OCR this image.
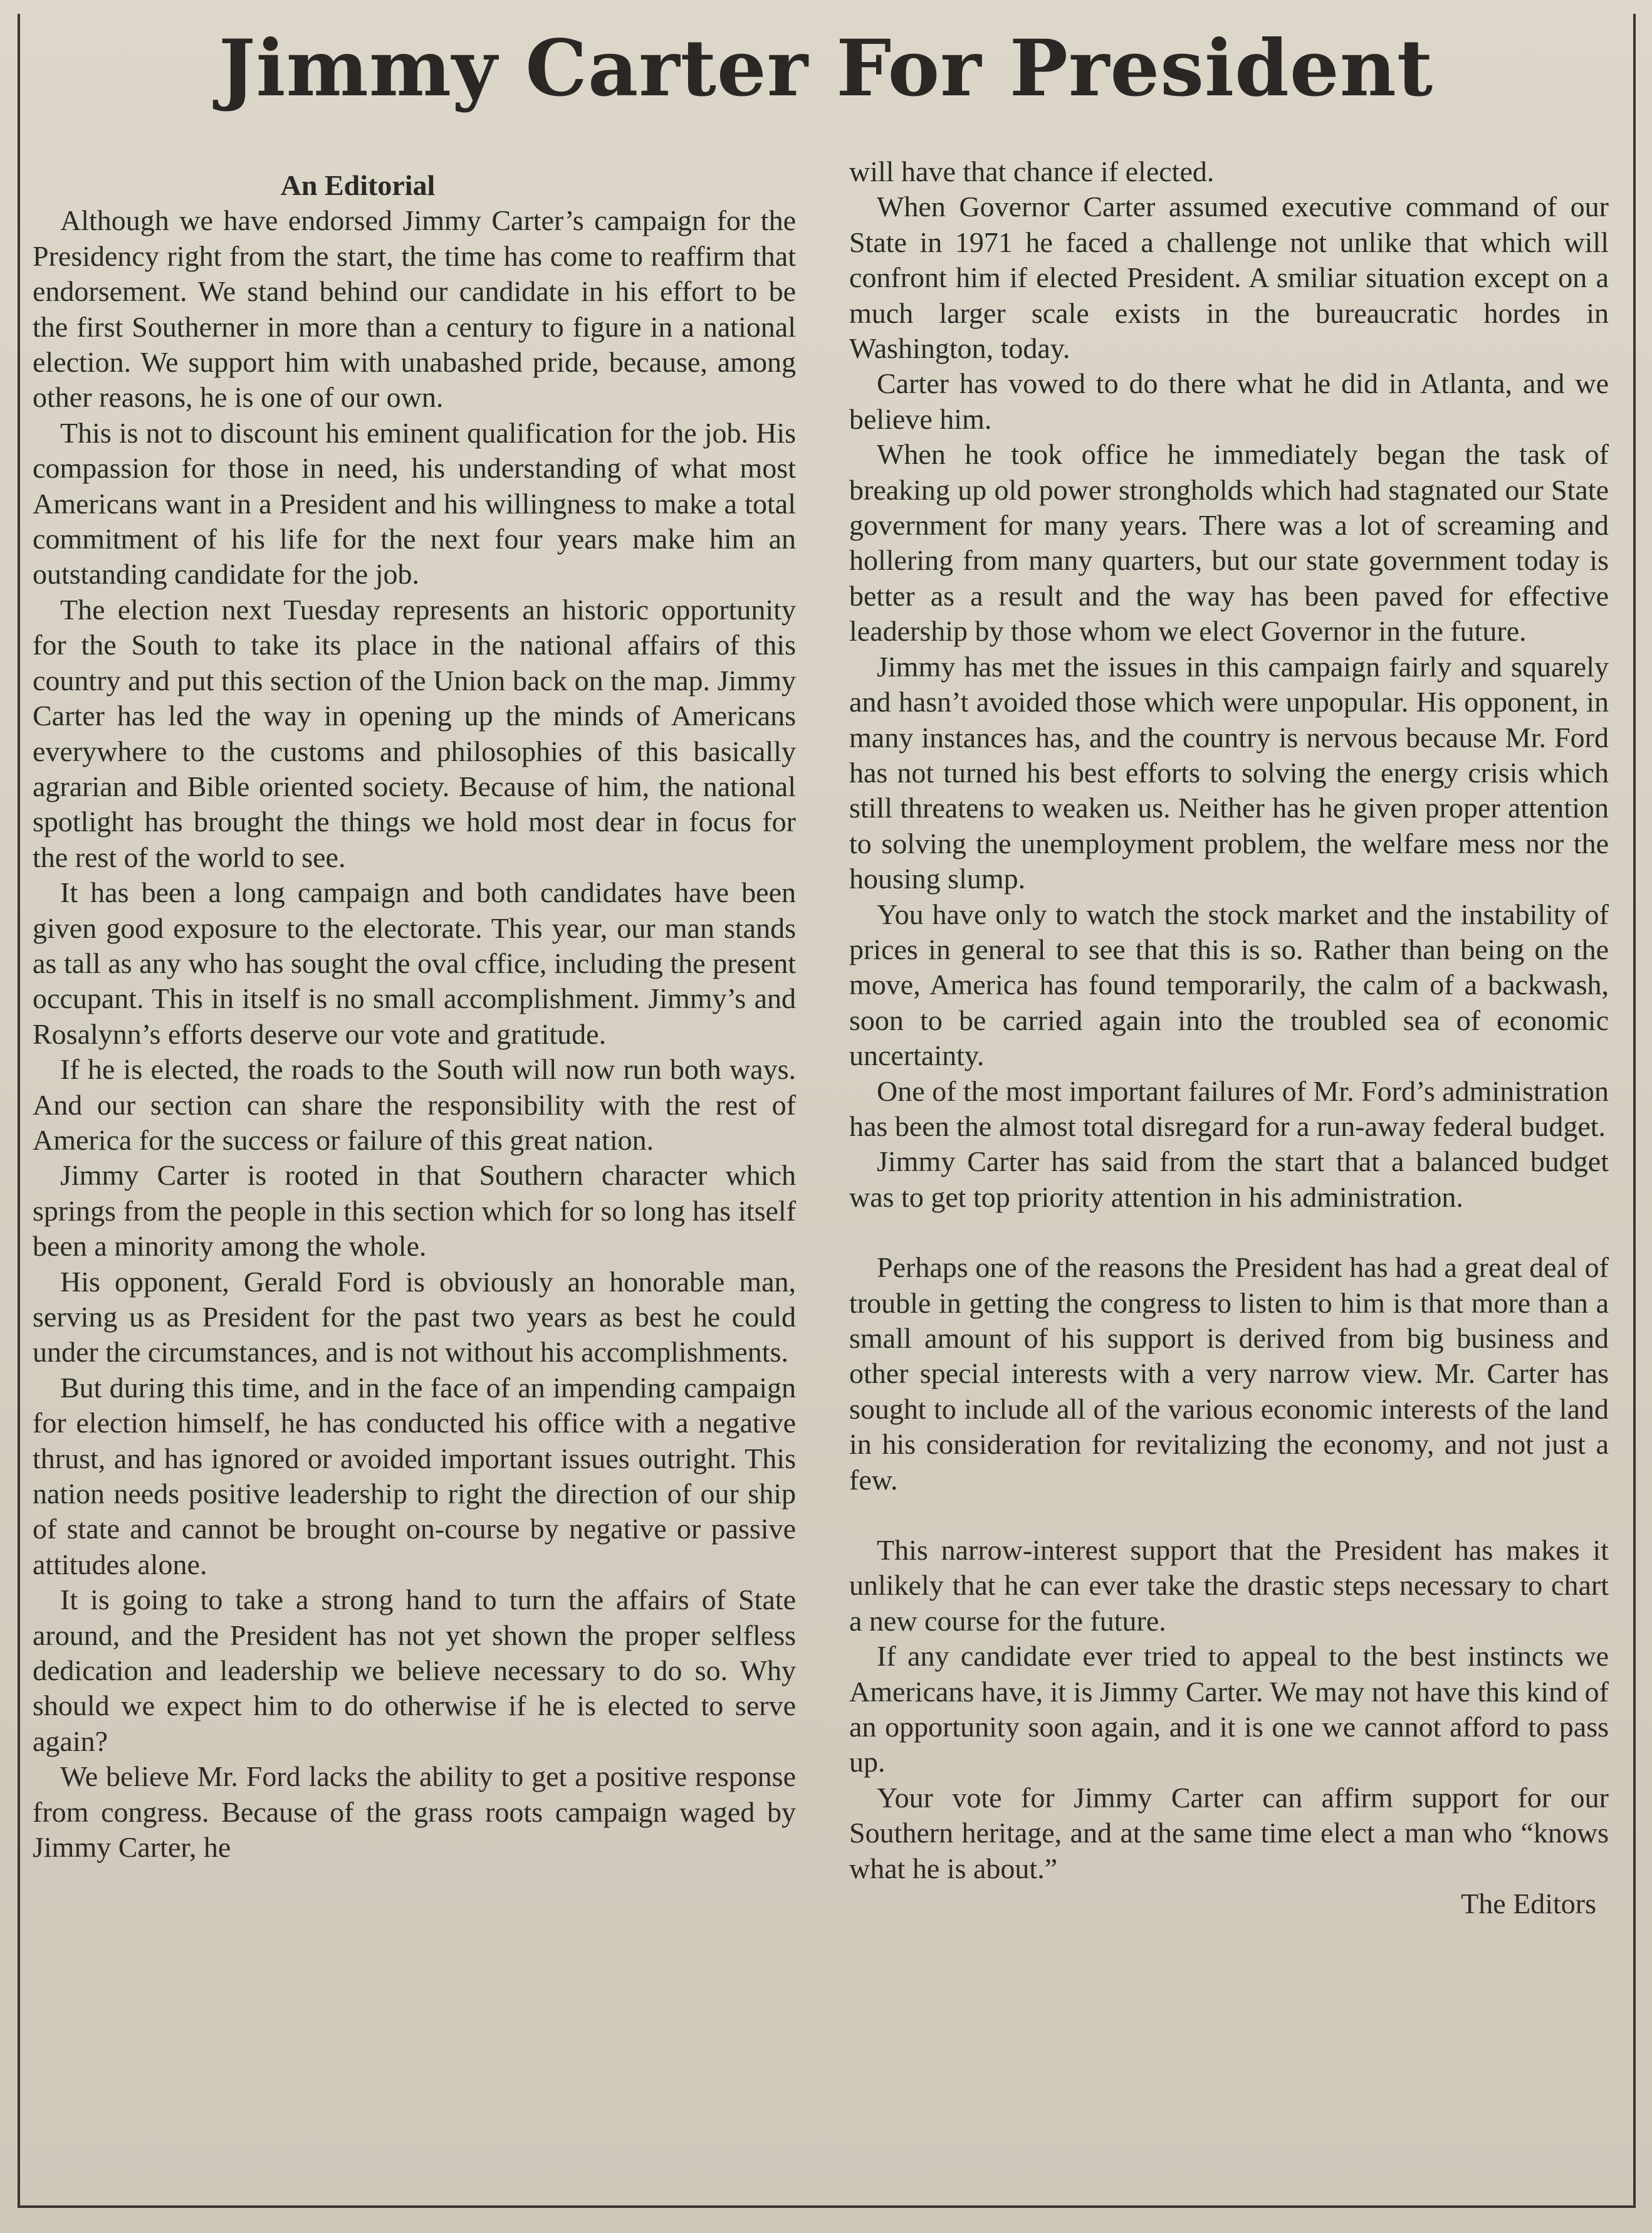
Jimmy Carter For President
An Editorial

Although we have endorsed Jimmy Carter’s campaign for the Presidency right from the start, the time has come to reaffirm that endorsement. We stand behind our candidate in his effort to be the first Southerner in more than a century to figure in a national election. We support him with unabashed pride, because, among other reasons, he is one of our own.

This is not to discount his eminent qualification for the job. His compassion for those in need, his understanding of what most Americans want in a President and his willingness to make a total commitment of his life for the next four years make him an outstanding candidate for the job.

The election next Tuesday represents an historic opportunity for the South to take its place in the national affairs of this country and put this section of the Union back on the map. Jimmy Carter has led the way in opening up the minds of Americans everywhere to the customs and philosophies of this basically agrarian and Bible oriented society. Because of him, the national spotlight has brought the things we hold most dear in focus for the rest of the world to see.

It has been a long campaign and both candidates have been given good exposure to the electorate. This year, our man stands as tall as any who has sought the oval cffice, including the present occupant. This in itself is no small accomplishment. Jimmy’s and Rosalynn’s efforts deserve our vote and gratitude.

If he is elected, the roads to the South will now run both ways. And our section can share the responsibility with the rest of America for the success or failure of this great nation.

Jimmy Carter is rooted in that Southern character which springs from the people in this section which for so long has itself been a minority among the whole.

His opponent, Gerald Ford is obviously an honorable man, serving us as President for the past two years as best he could under the circumstances, and is not without his accomplishments.

But during this time, and in the face of an impending campaign for election himself, he has conducted his office with a negative thrust, and has ignored or avoided important issues outright. This nation needs positive leadership to right the direction of our ship of state and cannot be brought on-course by negative or passive attitudes alone.

It is going to take a strong hand to turn the affairs of State around, and the President has not yet shown the proper selfless dedication and leadership we believe necessary to do so. Why should we expect him to do otherwise if he is elected to serve again?

We believe Mr. Ford lacks the ability to get a positive response from congress. Because of the grass roots campaign waged by Jimmy Carter, he

will have that chance if elected.

When Governor Carter assumed executive command of our State in 1971 he faced a challenge not unlike that which will confront him if elected President. A smiliar situation except on a much larger scale exists in the bureaucratic hordes in Washington, today.

Carter has vowed to do there what he did in Atlanta, and we believe him.

When he took office he immediately began the task of breaking up old power strongholds which had stagnated our State government for many years. There was a lot of screaming and hollering from many quarters, but our state government today is better as a result and the way has been paved for effective leadership by those whom we elect Governor in the future.

Jimmy has met the issues in this campaign fairly and squarely and hasn’t avoided those which were unpopular. His opponent, in many instances has, and the country is nervous because Mr. Ford has not turned his best efforts to solving the energy crisis which still threatens to weaken us. Neither has he given proper attention to solving the unemployment problem, the welfare mess nor the housing slump.

You have only to watch the stock market and the instability of prices in general to see that this is so. Rather than being on the move, America has found temporarily, the calm of a backwash, soon to be carried again into the troubled sea of economic uncertainty.

One of the most important failures of Mr. Ford’s administration has been the almost total disregard for a run-away federal budget.

Jimmy Carter has said from the start that a balanced budget was to get top priority attention in his administration.

Perhaps one of the reasons the President has had a great deal of trouble in getting the congress to listen to him is that more than a small amount of his support is derived from big business and other special interests with a very narrow view. Mr. Carter has sought to include all of the various economic interests of the land in his consideration for revitalizing the economy, and not just a few.

This narrow-interest support that the President has makes it unlikely that he can ever take the drastic steps necessary to chart a new course for the future.

If any candidate ever tried to appeal to the best instincts we Americans have, it is Jimmy Carter. We may not have this kind of an opportunity soon again, and it is one we cannot afford to pass up.

Your vote for Jimmy Carter can affirm support for our Southern heritage, and at the same time elect a man who “knows what he is about.”

The Editors
